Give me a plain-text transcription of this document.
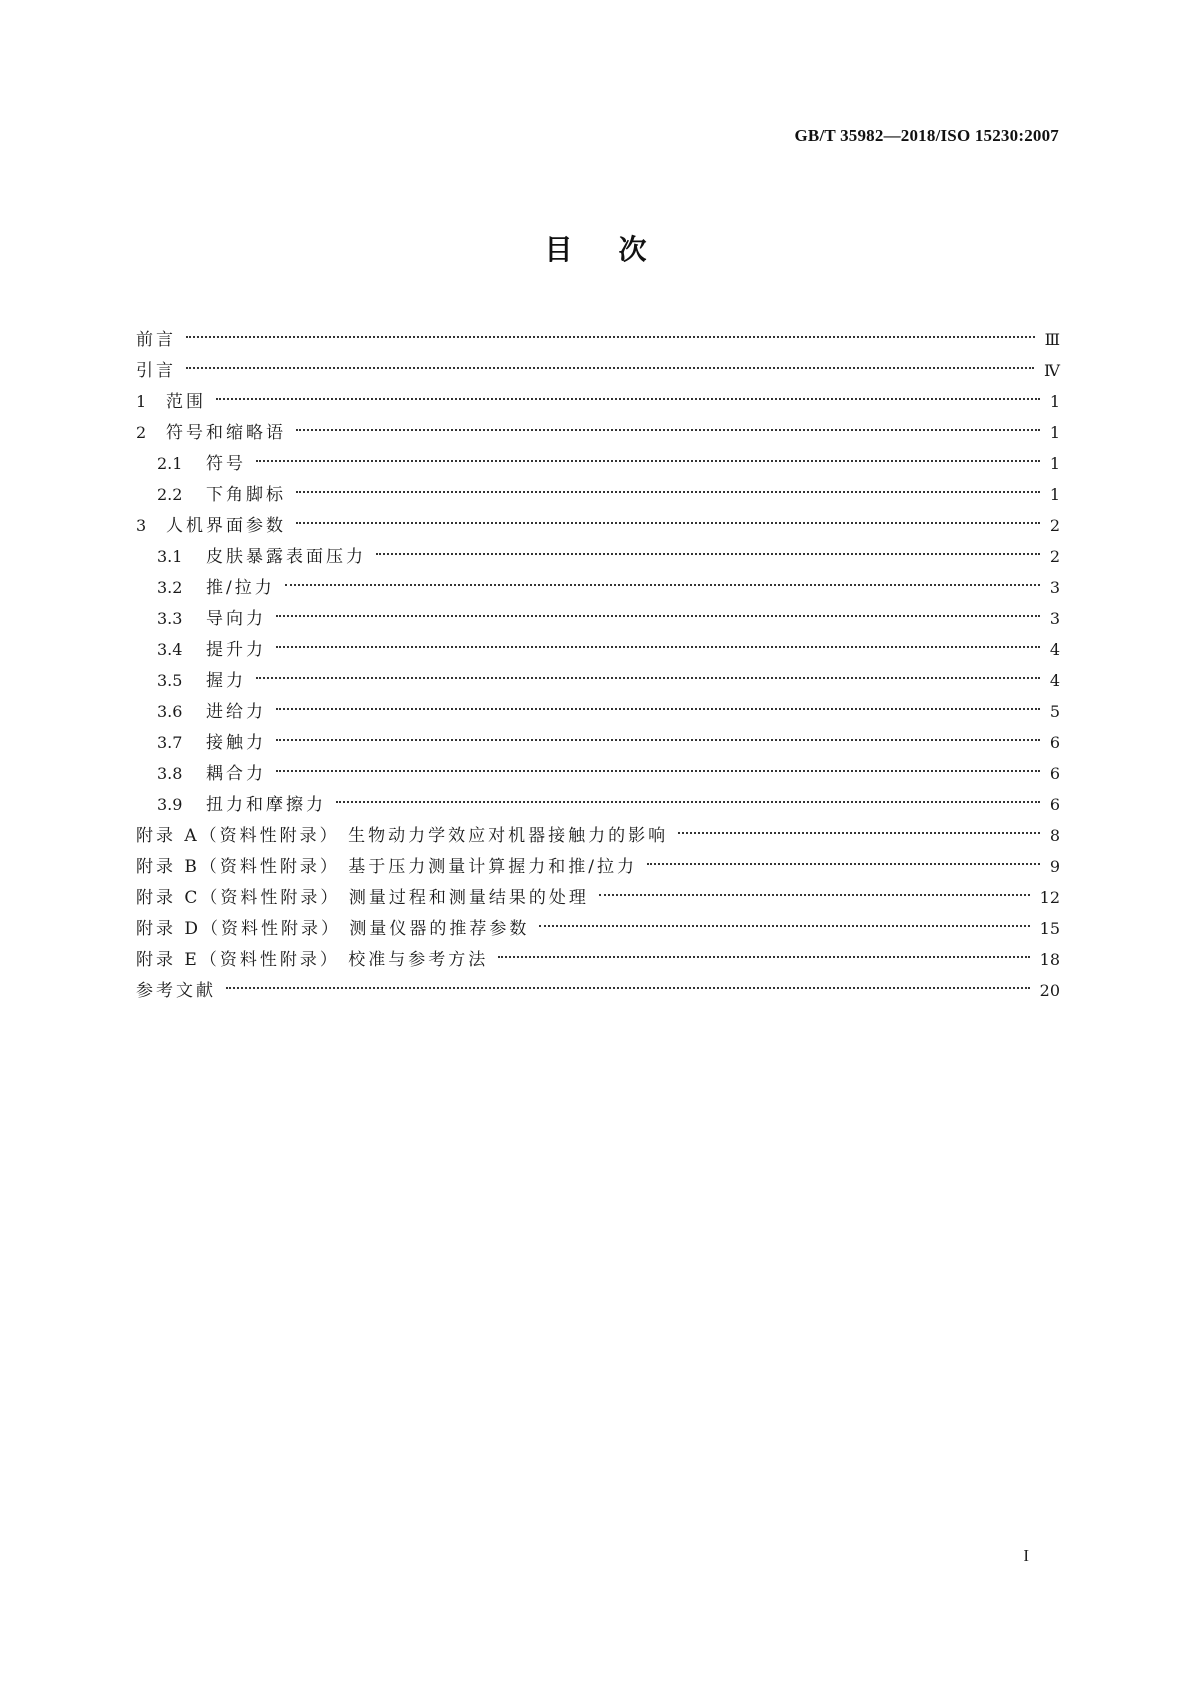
GB/T 35982—2018/ISO 15230:2007
目 次
前言	Ⅲ
引言	Ⅳ
1	范围	1
2	符号和缩略语	1
2.1	符号	1
2.2	下角脚标	1
3	人机界面参数	2
3.1	皮肤暴露表面压力	2
3.2	推/拉力	3
3.3	导向力	3
3.4	提升力	4
3.5	握力	4
3.6	进给力	5
3.7	接触力	6
3.8	耦合力	6
3.9	扭力和摩擦力	6
附录 A（资料性附录） 生物动力学效应对机器接触力的影响	8
附录 B（资料性附录） 基于压力测量计算握力和推/拉力	9
附录 C（资料性附录） 测量过程和测量结果的处理	12
附录 D（资料性附录） 测量仪器的推荐参数	15
附录 E（资料性附录） 校准与参考方法	18
参考文献	20
I
